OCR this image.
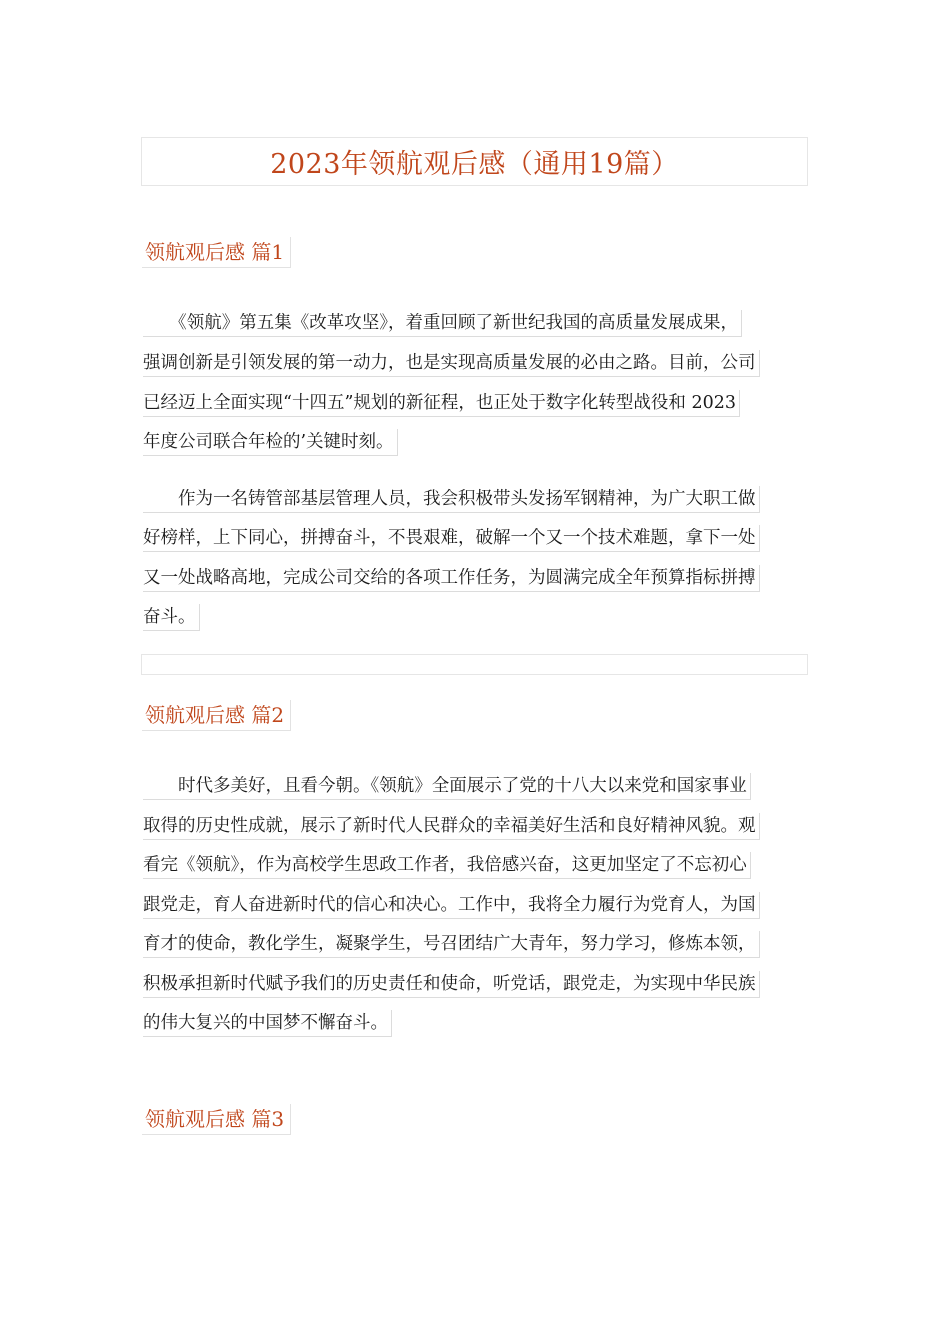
2023年领航观后感（通用19篇）
领航观后感 篇1
　　《领航》第五集《改革攻坚》，着重回顾了新世纪我国的高质量发展成果，
强调创新是引领发展的第一动力，也是实现高质量发展的必由之路。目前，公司
已经迈上全面实现“十四五”规划的新征程，也正处于数字化转型战役和 2023
年度公司联合年检的’关键时刻。
　　作为一名铸管部基层管理人员，我会积极带头发扬军钢精神，为广大职工做
好榜样，上下同心，拼搏奋斗，不畏艰难，破解一个又一个技术难题，拿下一处
又一处战略高地，完成公司交给的各项工作任务，为圆满完成全年预算指标拼搏
奋斗。
领航观后感 篇2
　　时代多美好，且看今朝。《领航》全面展示了党的十八大以来党和国家事业
取得的历史性成就，展示了新时代人民群众的幸福美好生活和良好精神风貌。观
看完《领航》，作为高校学生思政工作者，我倍感兴奋，这更加坚定了不忘初心
跟党走，育人奋进新时代的信心和决心。工作中，我将全力履行为党育人，为国
育才的使命，教化学生，凝聚学生，号召团结广大青年，努力学习，修炼本领，
积极承担新时代赋予我们的历史责任和使命，听党话，跟党走，为实现中华民族
的伟大复兴的中国梦不懈奋斗。
领航观后感 篇3
